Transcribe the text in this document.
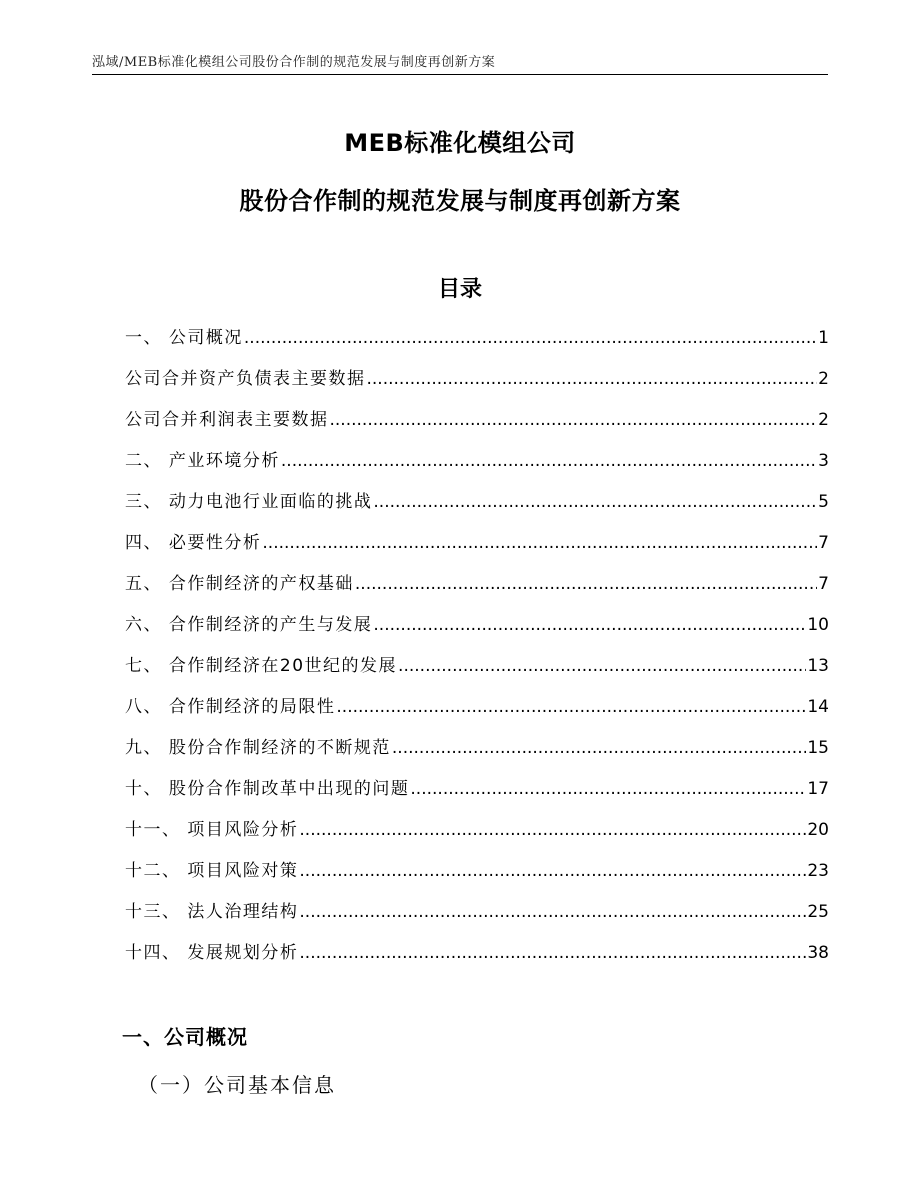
泓域/MEB标准化模组公司股份合作制的规范发展与制度再创新方案
MEB标准化模组公司
股份合作制的规范发展与制度再创新方案
目录
一、 公司概况 .....	1
公司合并资产负债表主要数据 .....	2
公司合并利润表主要数据 .....	2
二、 产业环境分析 .....	3
三、 动力电池行业面临的挑战 .....	5
四、 必要性分析 .....	7
五、 合作制经济的产权基础 .....	7
六、 合作制经济的产生与发展 .....	10
七、 合作制经济在20世纪的发展 .....	13
八、 合作制经济的局限性 .....	14
九、 股份合作制经济的不断规范 .....	15
十、 股份合作制改革中出现的问题 .....	17
十一、 项目风险分析 .....	20
十二、 项目风险对策 .....	23
十三、 法人治理结构 .....	25
十四、 发展规划分析 .....	38
一、公司概况
（一）公司基本信息
